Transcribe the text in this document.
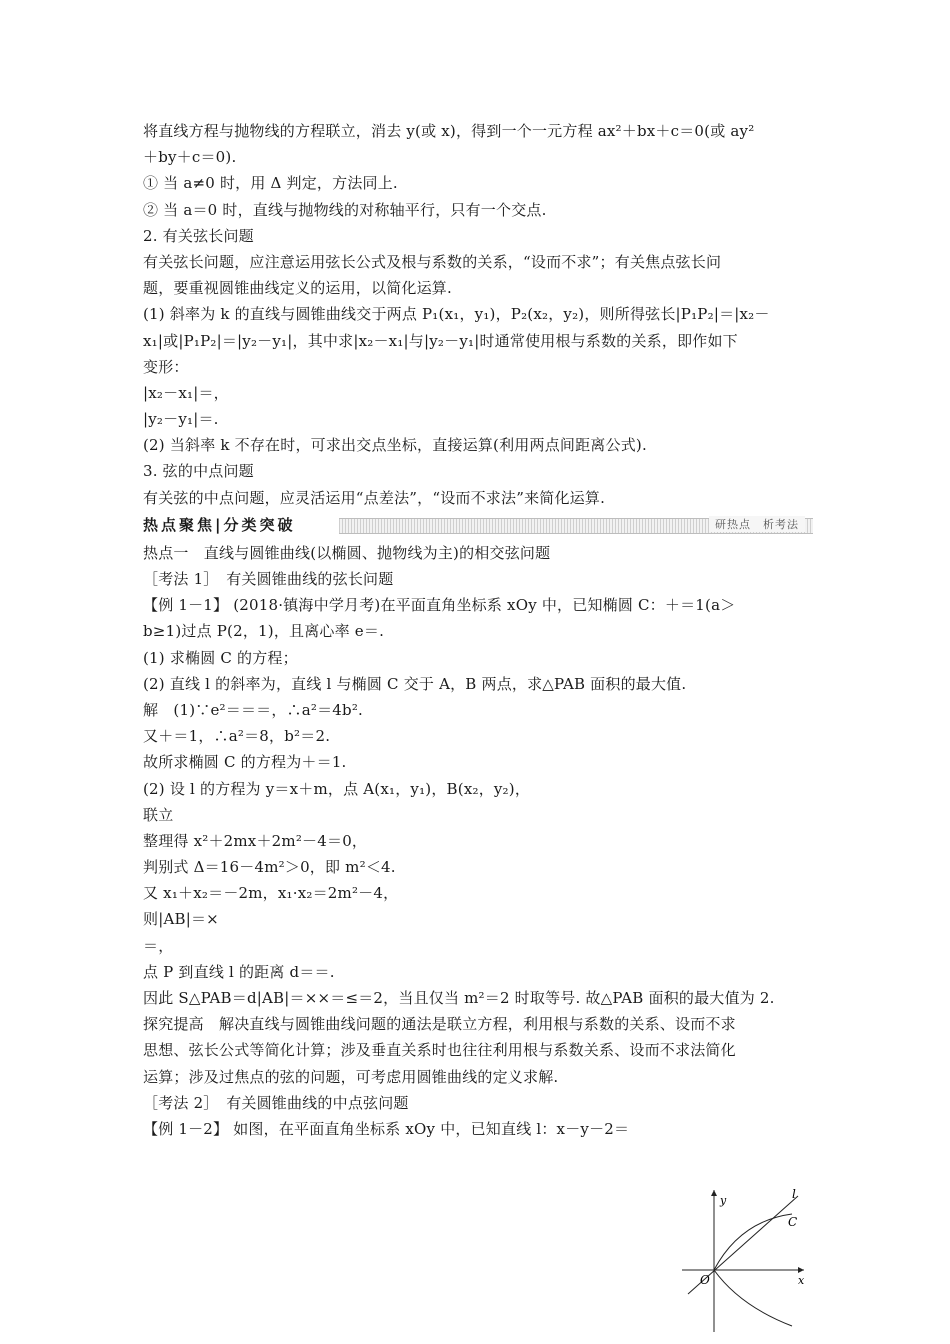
将直线方程与抛物线的方程联立，消去 y(或 x)，得到一个一元方程 ax²＋bx＋c＝0(或 ay²
＋by＋c＝0).
① 当 a≠0 时，用 Δ 判定，方法同上.
② 当 a＝0 时，直线与抛物线的对称轴平行，只有一个交点.
2. 有关弦长问题
有关弦长问题，应注意运用弦长公式及根与系数的关系，“设而不求”；有关焦点弦长问
题，要重视圆锥曲线定义的运用，以简化运算.
(1) 斜率为 k 的直线与圆锥曲线交于两点 P₁(x₁，y₁)，P₂(x₂，y₂)，则所得弦长|P₁P₂|＝|x₂－
x₁|或|P₁P₂|＝|y₂－y₁|，其中求|x₂－x₁|与|y₂－y₁|时通常使用根与系数的关系，即作如下
变形：
|x₂－x₁|＝，
|y₂－y₁|＝.
(2) 当斜率 k 不存在时，可求出交点坐标，直接运算(利用两点间距离公式).
3. 弦的中点问题
有关弦的中点问题，应灵活运用“点差法”，“设而不求法”来简化运算.
热点聚焦|分类突破	研热点　析考法
热点一　直线与圆锥曲线(以椭圆、抛物线为主)的相交弦问题
［考法 1］　有关圆锥曲线的弦长问题
【例 1－1】 (2018·镇海中学月考)在平面直角坐标系 xOy 中，已知椭圆 C：＋＝1(a＞
b≥1)过点 P(2，1)，且离心率 e＝.
(1) 求椭圆 C 的方程；
(2) 直线 l 的斜率为，直线 l 与椭圆 C 交于 A，B 两点，求△PAB 面积的最大值.
解　(1)∵e²＝＝＝，∴a²＝4b².
又＋＝1，∴a²＝8，b²＝2.
故所求椭圆 C 的方程为＋＝1.
(2) 设 l 的方程为 y＝x＋m，点 A(x₁，y₁)，B(x₂，y₂)，
联立
整理得 x²＋2mx＋2m²－4＝0，
判别式 Δ＝16－4m²＞0，即 m²＜4.
又 x₁＋x₂＝－2m，x₁·x₂＝2m²－4，
则|AB|＝×
＝，
点 P 到直线 l 的距离 d＝＝.
因此 S△PAB＝d|AB|＝××＝≤＝2，当且仅当 m²＝2 时取等号. 故△PAB 面积的最大值为 2.
探究提高　解决直线与圆锥曲线问题的通法是联立方程，利用根与系数的关系、设而不求
思想、弦长公式等简化计算；涉及垂直关系时也往往利用根与系数关系、设而不求法简化
运算；涉及过焦点的弦的问题，可考虑用圆锥曲线的定义求解.
［考法 2］　有关圆锥曲线的中点弦问题
【例 1－2】 如图，在平面直角坐标系 xOy 中，已知直线 l：x－y－2＝
y
x
O
l
C
